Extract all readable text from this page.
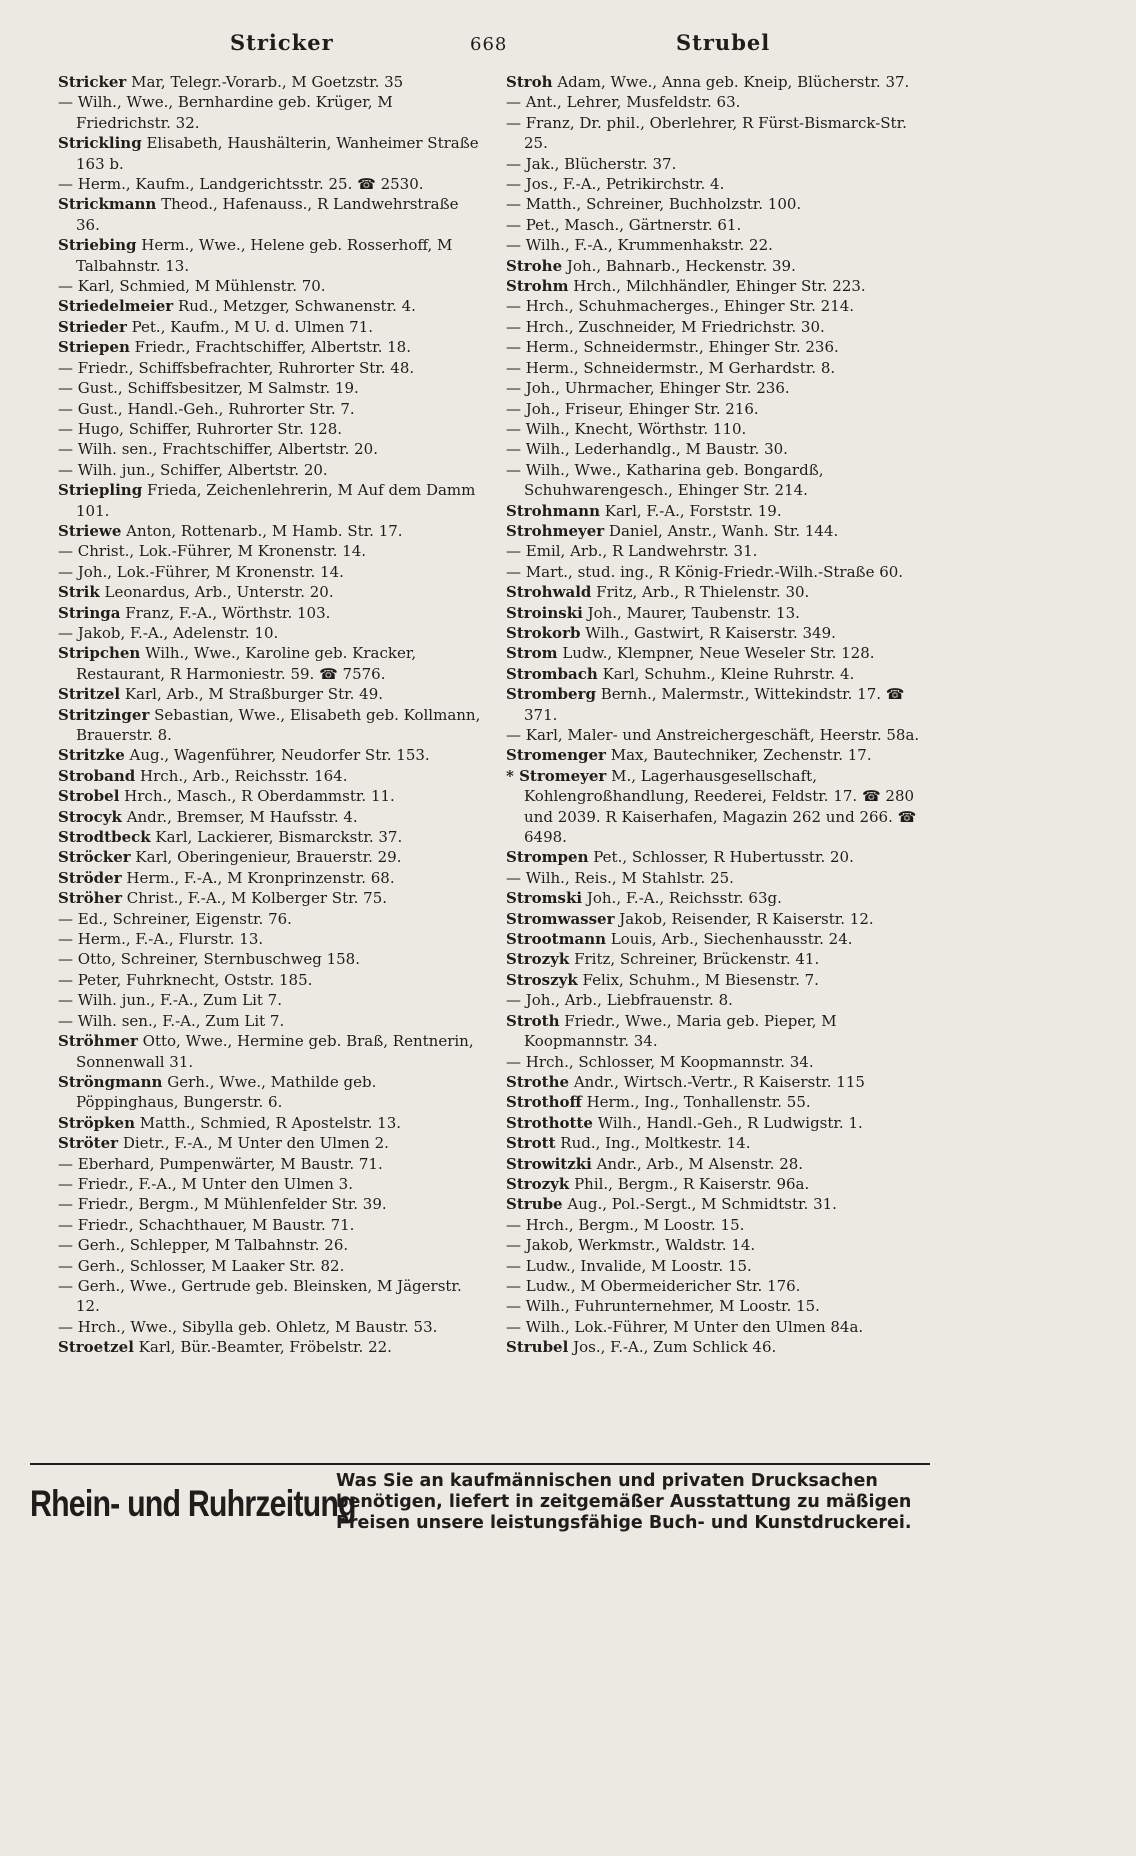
Stricker	668	Strubel

Stricker Mar, Telegr.-Vorarb., M Goetzstr. 35

— Wilh., Wwe., Bernhardine geb. Krüger, M Friedrichstr. 32.

Strickling Elisabeth, Haushälterin, Wanheimer Straße 163 b.

— Herm., Kaufm., Landgerichtsstr. 25. ☎ 2530.

Strickmann Theod., Hafenauss., R Landwehrstraße 36.

Striebing Herm., Wwe., Helene geb. Rosserhoff, M Talbahnstr. 13.

— Karl, Schmied, M Mühlenstr. 70.

Striedelmeier Rud., Metzger, Schwanenstr. 4.

Strieder Pet., Kaufm., M U. d. Ulmen 71.

Striepen Friedr., Frachtschiffer, Albertstr. 18.

— Friedr., Schiffsbefrachter, Ruhrorter Str. 48.

— Gust., Schiffsbesitzer, M Salmstr. 19.

— Gust., Handl.-Geh., Ruhrorter Str. 7.

— Hugo, Schiffer, Ruhrorter Str. 128.

— Wilh. sen., Frachtschiffer, Albertstr. 20.

— Wilh. jun., Schiffer, Albertstr. 20.

Striepling Frieda, Zeichenlehrerin, M Auf dem Damm 101.

Striewe Anton, Rottenarb., M Hamb. Str. 17.

— Christ., Lok.-Führer, M Kronenstr. 14.

— Joh., Lok.-Führer, M Kronenstr. 14.

Strik Leonardus, Arb., Unterstr. 20.

Stringa Franz, F.-A., Wörthstr. 103.

— Jakob, F.-A., Adelenstr. 10.

Stripchen Wilh., Wwe., Karoline geb. Kracker, Restaurant, R Harmoniestr. 59. ☎ 7576.

Stritzel Karl, Arb., M Straßburger Str. 49.

Stritzinger Sebastian, Wwe., Elisabeth geb. Kollmann, Brauerstr. 8.

Stritzke Aug., Wagenführer, Neudorfer Str. 153.

Stroband Hrch., Arb., Reichsstr. 164.

Strobel Hrch., Masch., R Oberdammstr. 11.

Strocyk Andr., Bremser, M Haufsstr. 4.

Strodtbeck Karl, Lackierer, Bismarckstr. 37.

Ströcker Karl, Oberingenieur, Brauerstr. 29.

Ströder Herm., F.-A., M Kronprinzenstr. 68.

Ströher Christ., F.-A., M Kolberger Str. 75.

— Ed., Schreiner, Eigenstr. 76.

— Herm., F.-A., Flurstr. 13.

— Otto, Schreiner, Sternbuschweg 158.

— Peter, Fuhrknecht, Oststr. 185.

— Wilh. jun., F.-A., Zum Lit 7.

— Wilh. sen., F.-A., Zum Lit 7.

Ströhmer Otto, Wwe., Hermine geb. Braß, Rentnerin, Sonnenwall 31.

Ströngmann Gerh., Wwe., Mathilde geb. Pöppinghaus, Bungerstr. 6.

Ströpken Matth., Schmied, R Apostelstr. 13.

Ströter Dietr., F.-A., M Unter den Ulmen 2.

— Eberhard, Pumpenwärter, M Baustr. 71.

— Friedr., F.-A., M Unter den Ulmen 3.

— Friedr., Bergm., M Mühlenfelder Str. 39.

— Friedr., Schachthauer, M Baustr. 71.

— Gerh., Schlepper, M Talbahnstr. 26.

— Gerh., Schlosser, M Laaker Str. 82.

— Gerh., Wwe., Gertrude geb. Bleinsken, M Jägerstr. 12.

— Hrch., Wwe., Sibylla geb. Ohletz, M Baustr. 53.

Stroetzel Karl, Bür.-Beamter, Fröbelstr. 22.

Stroh Adam, Wwe., Anna geb. Kneip, Blücherstr. 37.

— Ant., Lehrer, Musfeldstr. 63.

— Franz, Dr. phil., Oberlehrer, R Fürst-Bismarck-Str. 25.

— Jak., Blücherstr. 37.

— Jos., F.-A., Petrikirchstr. 4.

— Matth., Schreiner, Buchholzstr. 100.

— Pet., Masch., Gärtnerstr. 61.

— Wilh., F.-A., Krummenhakstr. 22.

Strohe Joh., Bahnarb., Heckenstr. 39.

Strohm Hrch., Milchhändler, Ehinger Str. 223.

— Hrch., Schuhmacherges., Ehinger Str. 214.

— Hrch., Zuschneider, M Friedrichstr. 30.

— Herm., Schneidermstr., Ehinger Str. 236.

— Herm., Schneidermstr., M Gerhardstr. 8.

— Joh., Uhrmacher, Ehinger Str. 236.

— Joh., Friseur, Ehinger Str. 216.

— Wilh., Knecht, Wörthstr. 110.

— Wilh., Lederhandlg., M Baustr. 30.

— Wilh., Wwe., Katharina geb. Bongardß, Schuhwarengesch., Ehinger Str. 214.

Strohmann Karl, F.-A., Forststr. 19.

Strohmeyer Daniel, Anstr., Wanh. Str. 144.

— Emil, Arb., R Landwehrstr. 31.

— Mart., stud. ing., R König-Friedr.-Wilh.-Straße 60.

Strohwald Fritz, Arb., R Thielenstr. 30.

Stroinski Joh., Maurer, Taubenstr. 13.

Strokorb Wilh., Gastwirt, R Kaiserstr. 349.

Strom Ludw., Klempner, Neue Weseler Str. 128.

Strombach Karl, Schuhm., Kleine Ruhrstr. 4.

Stromberg Bernh., Malermstr., Wittekindstr. 17. ☎ 371.

— Karl, Maler- und Anstreichergeschäft, Heerstr. 58a.

Stromenger Max, Bautechniker, Zechenstr. 17.

* Stromeyer M., Lagerhausgesellschaft, Kohlengroßhandlung, Reederei, Feldstr. 17. ☎ 280 und 2039. R Kaiserhafen, Magazin 262 und 266. ☎ 6498.

Strompen Pet., Schlosser, R Hubertusstr. 20.

— Wilh., Reis., M Stahlstr. 25.

Stromski Joh., F.-A., Reichsstr. 63g.

Stromwasser Jakob, Reisender, R Kaiserstr. 12.

Strootmann Louis, Arb., Siechenhausstr. 24.

Strozyk Fritz, Schreiner, Brückenstr. 41.

Stroszyk Felix, Schuhm., M Biesenstr. 7.

— Joh., Arb., Liebfrauenstr. 8.

Stroth Friedr., Wwe., Maria geb. Pieper, M Koopmannstr. 34.

— Hrch., Schlosser, M Koopmannstr. 34.

Strothe Andr., Wirtsch.-Vertr., R Kaiserstr. 115

Strothoff Herm., Ing., Tonhallenstr. 55.

Strothotte Wilh., Handl.-Geh., R Ludwigstr. 1.

Strott Rud., Ing., Moltkestr. 14.

Strowitzki Andr., Arb., M Alsenstr. 28.

Strozyk Phil., Bergm., R Kaiserstr. 96a.

Strube Aug., Pol.-Sergt., M Schmidtstr. 31.

— Hrch., Bergm., M Loostr. 15.

— Jakob, Werkmstr., Waldstr. 14.

— Ludw., Invalide, M Loostr. 15.

— Ludw., M Obermeidericher Str. 176.

— Wilh., Fuhrunternehmer, M Loostr. 15.

— Wilh., Lok.-Führer, M Unter den Ulmen 84a.

Strubel Jos., F.-A., Zum Schlick 46.

Rhein- und Ruhrzeitung
Was Sie an kaufmännischen und privaten Drucksachen
benötigen, liefert in zeitgemäßer Ausstattung zu mäßigen
Preisen unsere leistungsfähige Buch- und Kunstdruckerei.
